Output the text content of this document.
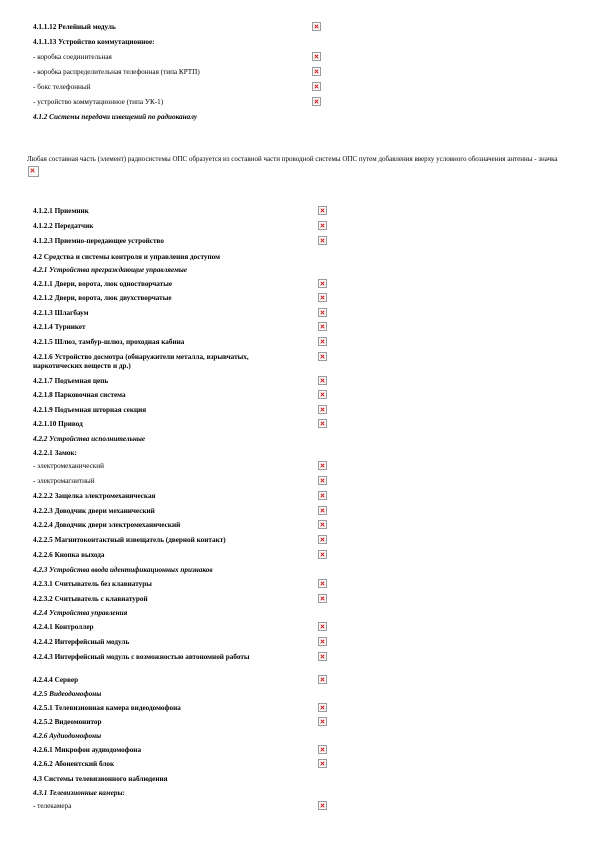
4.1.1.12 Релейный модуль
4.1.1.13 Устройство коммутационное:
- коробка соединительная
- коробка распределительная телефонная (типа КРТП)
- бокс телефонный
- устройство коммутационное (типа УК-1)
4.1.2 Системы передачи извещений по радиоканалу
Любая составная часть (элемент) радиосистемы ОПС образуется из составной части проводной системы ОПС путем добавления вверху условного обозначения антенны - значка
4.1.2.1 Приемник
4.1.2.2 Передатчик
4.1.2.3 Приемно-передающее устройство
4.2 Средства и системы контроля и управления доступом
4.2.1 Устройства преграждающие управляемые
4.2.1.1 Двери, ворота, люк одностворчатые
4.2.1.2 Двери, ворота, люк двухстворчатые
4.2.1.3 Шлагбаум
4.2.1.4 Турникет
4.2.1.5 Шлюз, тамбур-шлюз, проходная кабина
4.2.1.6 Устройство досмотра (обнаружители металла, взрывчатых, наркотических веществ и др.)
4.2.1.7 Подъемная цепь
4.2.1.8 Парковочная система
4.2.1.9 Подъемная шторная секция
4.2.1.10 Привод
4.2.2 Устройства исполнительные
4.2.2.1 Замок:
- электромеханический
- электромагнитный
4.2.2.2 Защелка электромеханическая
4.2.2.3 Доводчик двери механический
4.2.2.4 Доводчик двери электромеханический
4.2.2.5 Магнитоконтактный извещатель (дверной контакт)
4.2.2.6 Кнопка выхода
4.2.3 Устройства ввода идентификационных признаков
4.2.3.1 Считыватель без клавиатуры
4.2.3.2 Считыватель с клавиатурой
4.2.4 Устройства управления
4.2.4.1 Контроллер
4.2.4.2 Интерфейсный модуль
4.2.4.3 Интерфейсный модуль с возможностью автономной работы
4.2.4.4 Сервер
4.2.5 Видеодомофоны
4.2.5.1 Телевизионная камера видеодомофона
4.2.5.2 Видеомонитор
4.2.6 Аудиодомофоны
4.2.6.1 Микрофон аудиодомофона
4.2.6.2 Абонентский блок
4.3 Системы телевизионного наблюдения
4.3.1 Телевизионные камеры:
- телекамера
